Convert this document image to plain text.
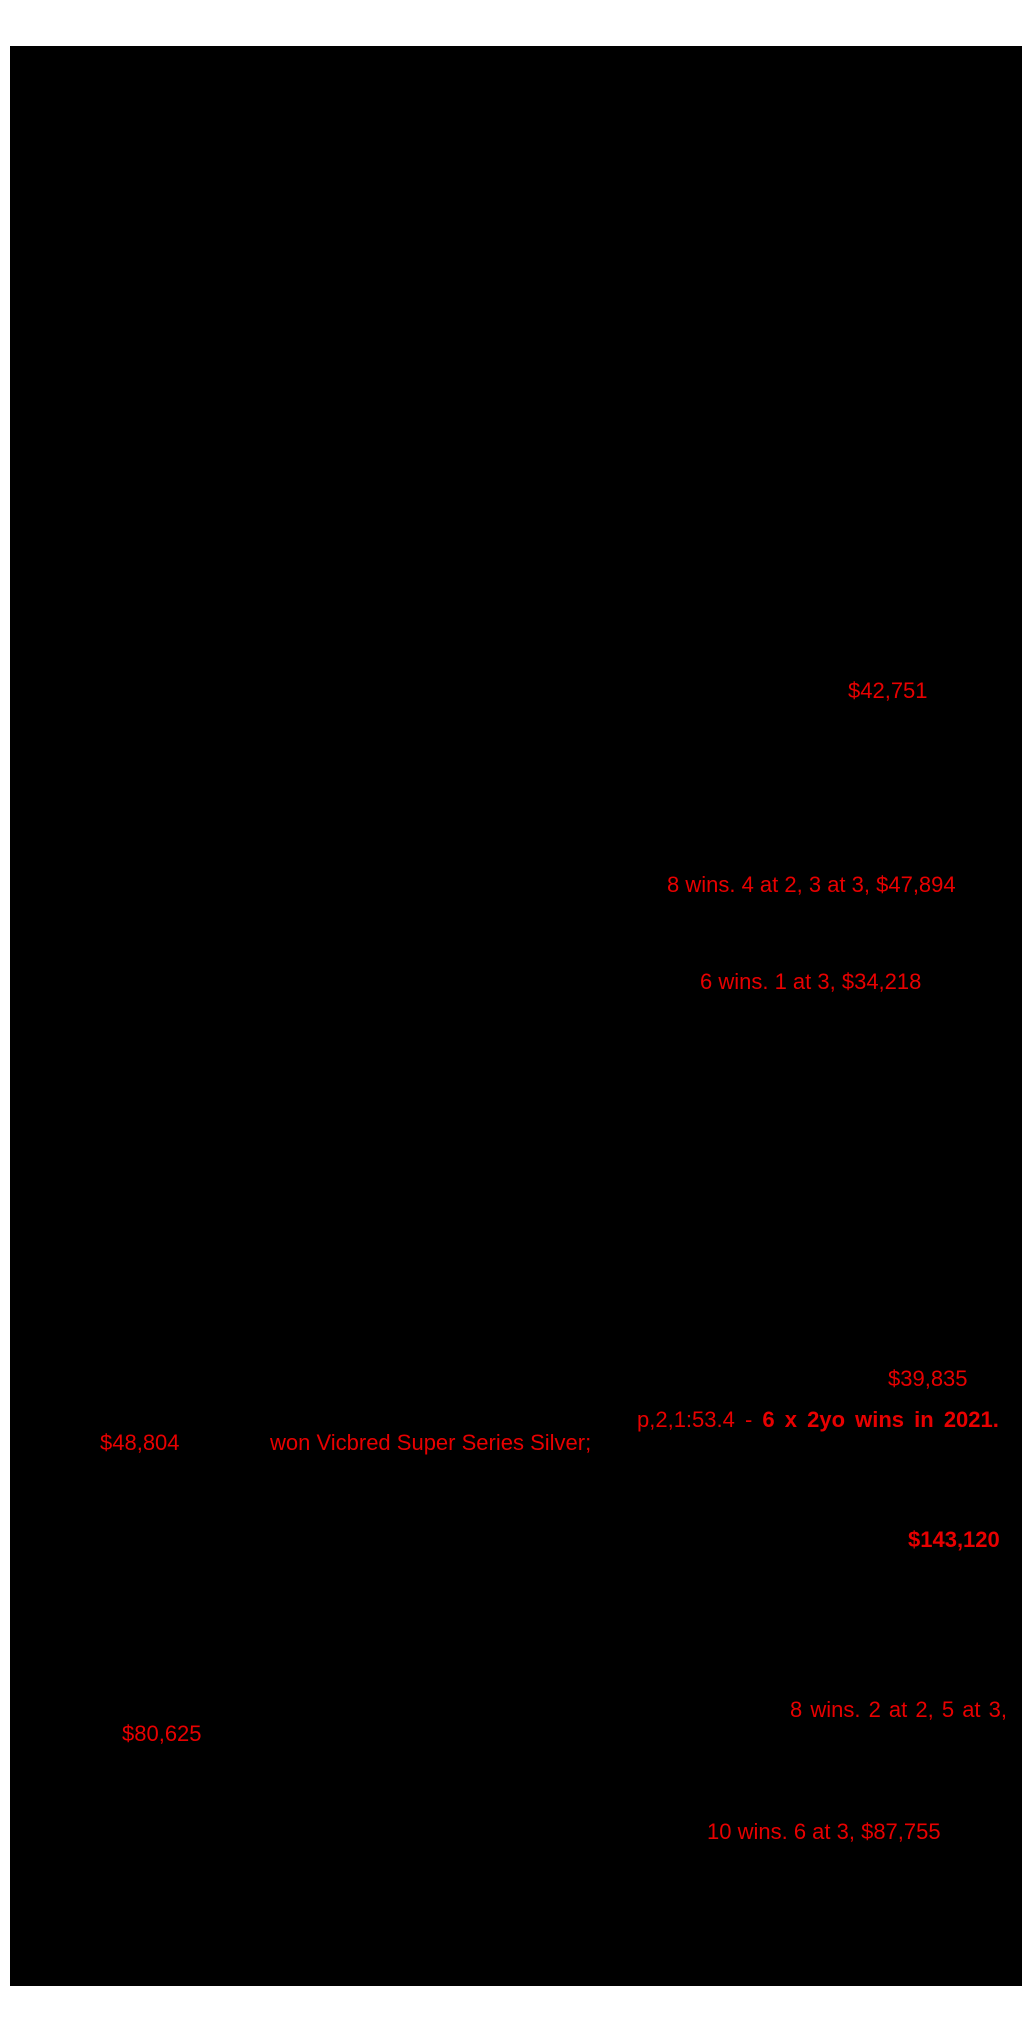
$42,751
8 wins. 4 at 2, 3 at 3, $47,894
6 wins. 1 at 3, $34,218
$39,835
p,2,1:53.4 - 6 x 2yo wins in 2021.
$48,804	won Vicbred Super Series Silver;
$143,120
8 wins. 2 at 2, 5 at 3,
$80,625
10 wins. 6 at 3, $87,755
